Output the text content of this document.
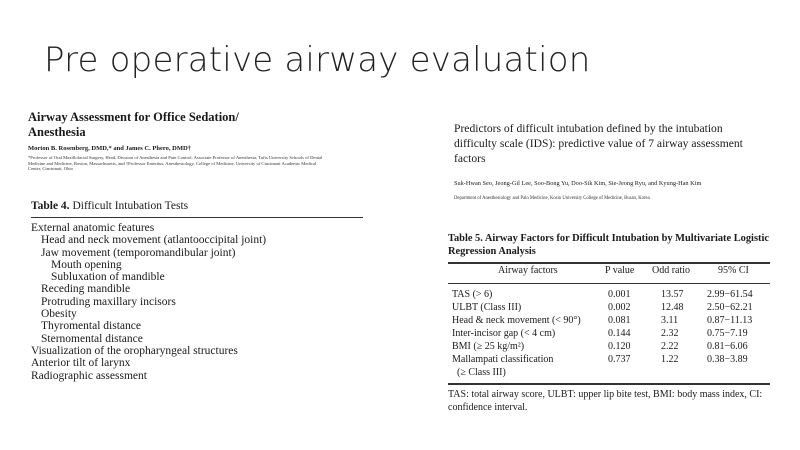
Pre operative airway evaluation

Airway Assessment for Office Sedation/
Anesthesia

Morton B. Rosenberg, DMD,* and James C. Phero, DMD†
*Professor of Oral Maxillofacial Surgery, Head, Division of Anesthesia and Pain Control, Associate Professor of Anesthesia, Tufts University Schools of Dental Medicine and Medicine, Boston, Massachusetts, and †Professor Emeritus, Anesthesiology, College of Medicine, University of Cincinnati Academic Medical Center, Cincinnati, Ohio
Table 4. Difficult Intubation Tests
External anatomic features
Head and neck movement (atlantooccipital joint)
Jaw movement (temporomandibular joint)
Mouth opening
Subluxation of mandible
Receding mandible
Protruding maxillary incisors
Obesity
Thyromental distance
Sternomental distance
Visualization of the oropharyngeal structures
Anterior tilt of larynx
Radiographic assessment

Predictors of difficult intubation defined by the intubation difficulty scale (IDS): predictive value of 7 airway assessment factors

Suk-Hwan Seo, Jeong-Gil Lee, Soo-Bong Yu, Doo-Sik Kim, Sie-Jeong Ryu, and Kyung-Han Kim
Department of Anesthesiology and Pain Medicine, Kosin University College of Medicine, Busan, Korea
Table 5. Airway Factors for Difficult Intubation by Multivariate Logistic Regression Analysis
Airway factors	P value Odd ratio	95% CI
TAS (> 6)	0.001	13.57 2.99−61.54
ULBT (Class III)	0.002	12.48 2.50−62.21
Head & neck movement (< 90°)	0.081	3.11	0.87−11.13
Inter-incisor gap (< 4 cm)	0.144	2.32	0.75−7.19
BMI (≥ 25 kg/m²)	0.120	2.22	0.81−6.06
Mallampati classification	0.737	1.22	0.38−3.89
(≥ Class III)
TAS: total airway score, ULBT: upper lip bite test, BMI: body mass index, CI: confidence interval.
